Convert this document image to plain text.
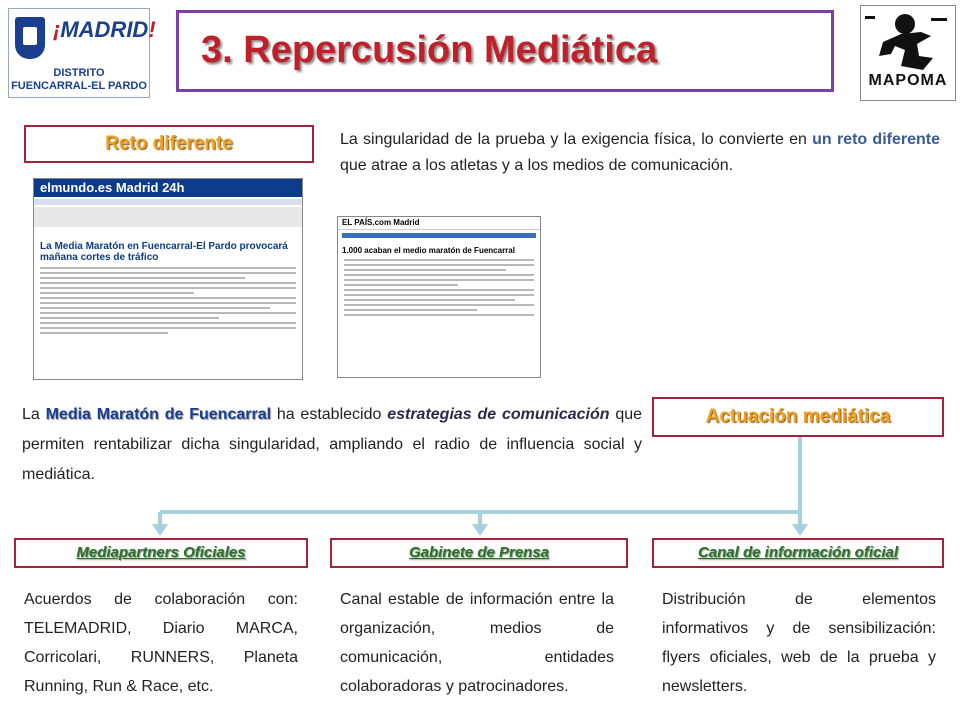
¡MADRID!
DISTRITO
FUENCARRAL-EL PARDO	MAPOMA
3. Repercusión Mediática
Reto diferente	La singularidad de la prueba y la exigencia física, lo convierte en un reto diferente que atrae a los atletas y a los medios de comunicación.
elmundo.es Madrid 24h
La Media Maratón en Fuencarral-El Pardo provocará mañana cortes de tráfico
EL PAÍS.com Madrid
1.000 acaban el medio maratón de Fuencarral
La Media Maratón de Fuencarral ha establecido estrategias de comunicación que permiten rentabilizar dicha singularidad, ampliando el radio de influencia social y mediática.
Actuación mediática
Mediapartners Oficiales	Gabinete de Prensa	Canal de información oficial
Acuerdos de colaboración con: TELEMADRID, Diario MARCA, Corricolari, RUNNERS, Planeta Running, Run & Race, etc.
Canal estable de información entre la organización, medios de comunicación, entidades colaboradoras y patrocinadores.
Distribución de elementos informativos y de sensibilización: flyers oficiales, web de la prueba y newsletters.
